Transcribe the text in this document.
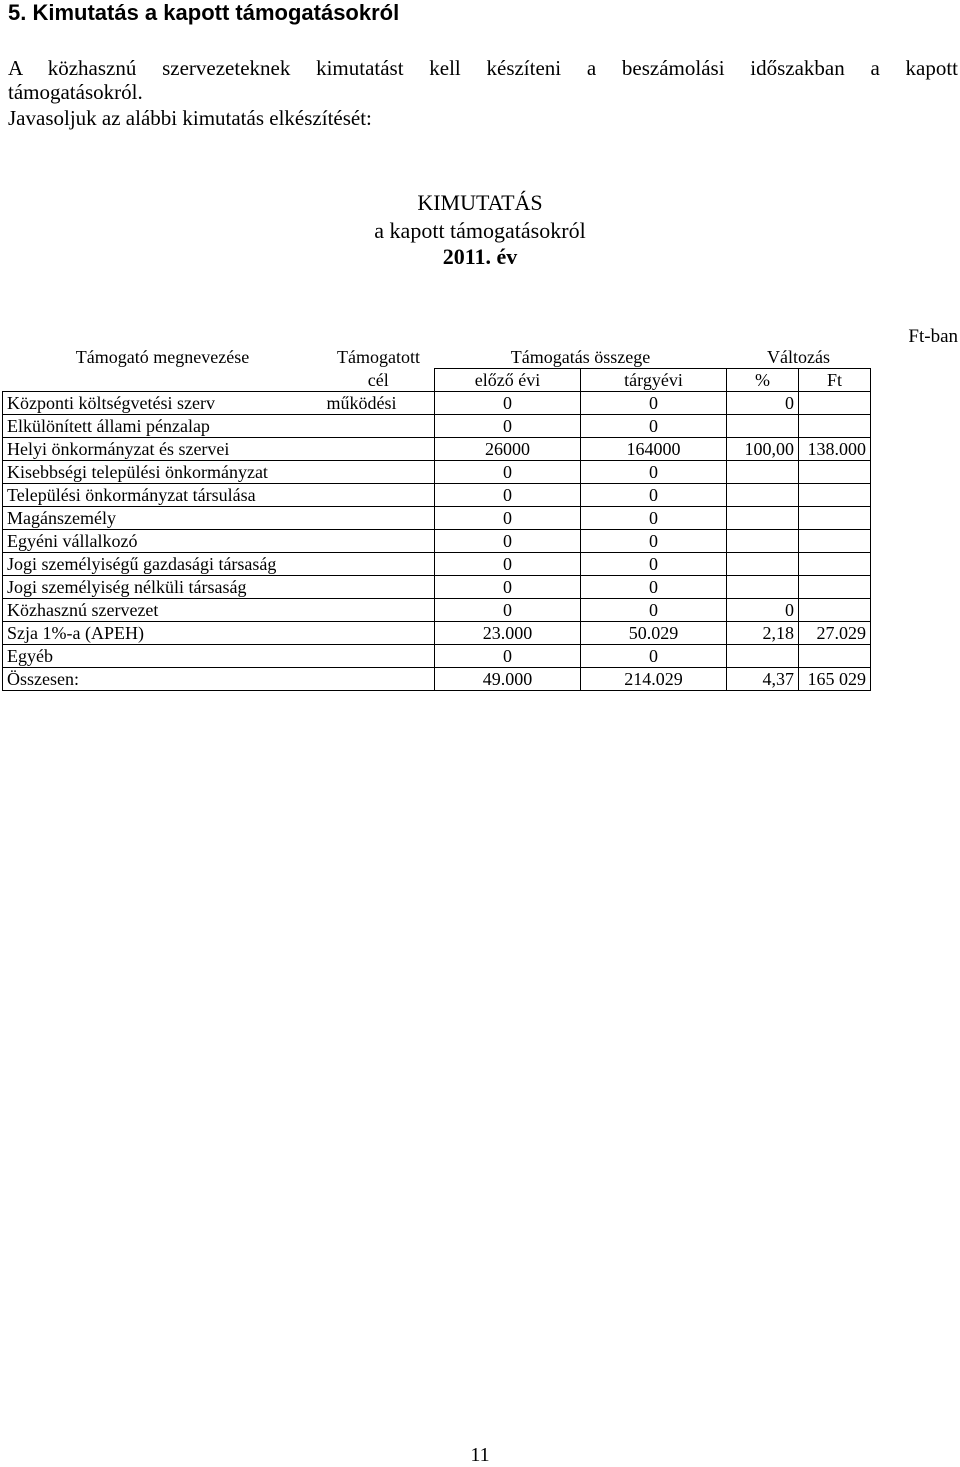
5. Kimutatás a kapott támogatásokról
A közhasznú szervezeteknek kimutatást kell készíteni a beszámolási időszakban a kapott
támogatásokról.
Javasoljuk az alábbi kimutatás elkészítését:
KIMUTATÁS
a kapott támogatásokról
2011. év
Ft-ban
Támogató megnevezése	Támogatott	Támogatás összege		Változás	
	cél	előző évi	tárgyévi	%	Ft
Központi költségvetési szerv	működési	0	0	0	
Elkülönített állami pénzalap		0	0		
Helyi önkormányzat és szervei		26000	164000	100,00	138.000
Kisebbségi települési önkormányzat		0	0		
Települési önkormányzat társulása		0	0		
Magánszemély		0	0		
Egyéni vállalkozó		0	0		
Jogi személyiségű gazdasági társaság		0	0		
Jogi személyiség nélküli társaság		0	0		
Közhasznú szervezet		0	0	0	
Szja 1%-a (APEH)		23.000	50.029	2,18	27.029
Egyéb		0	0		
Összesen:		49.000	214.029	4,37	165 029
11
